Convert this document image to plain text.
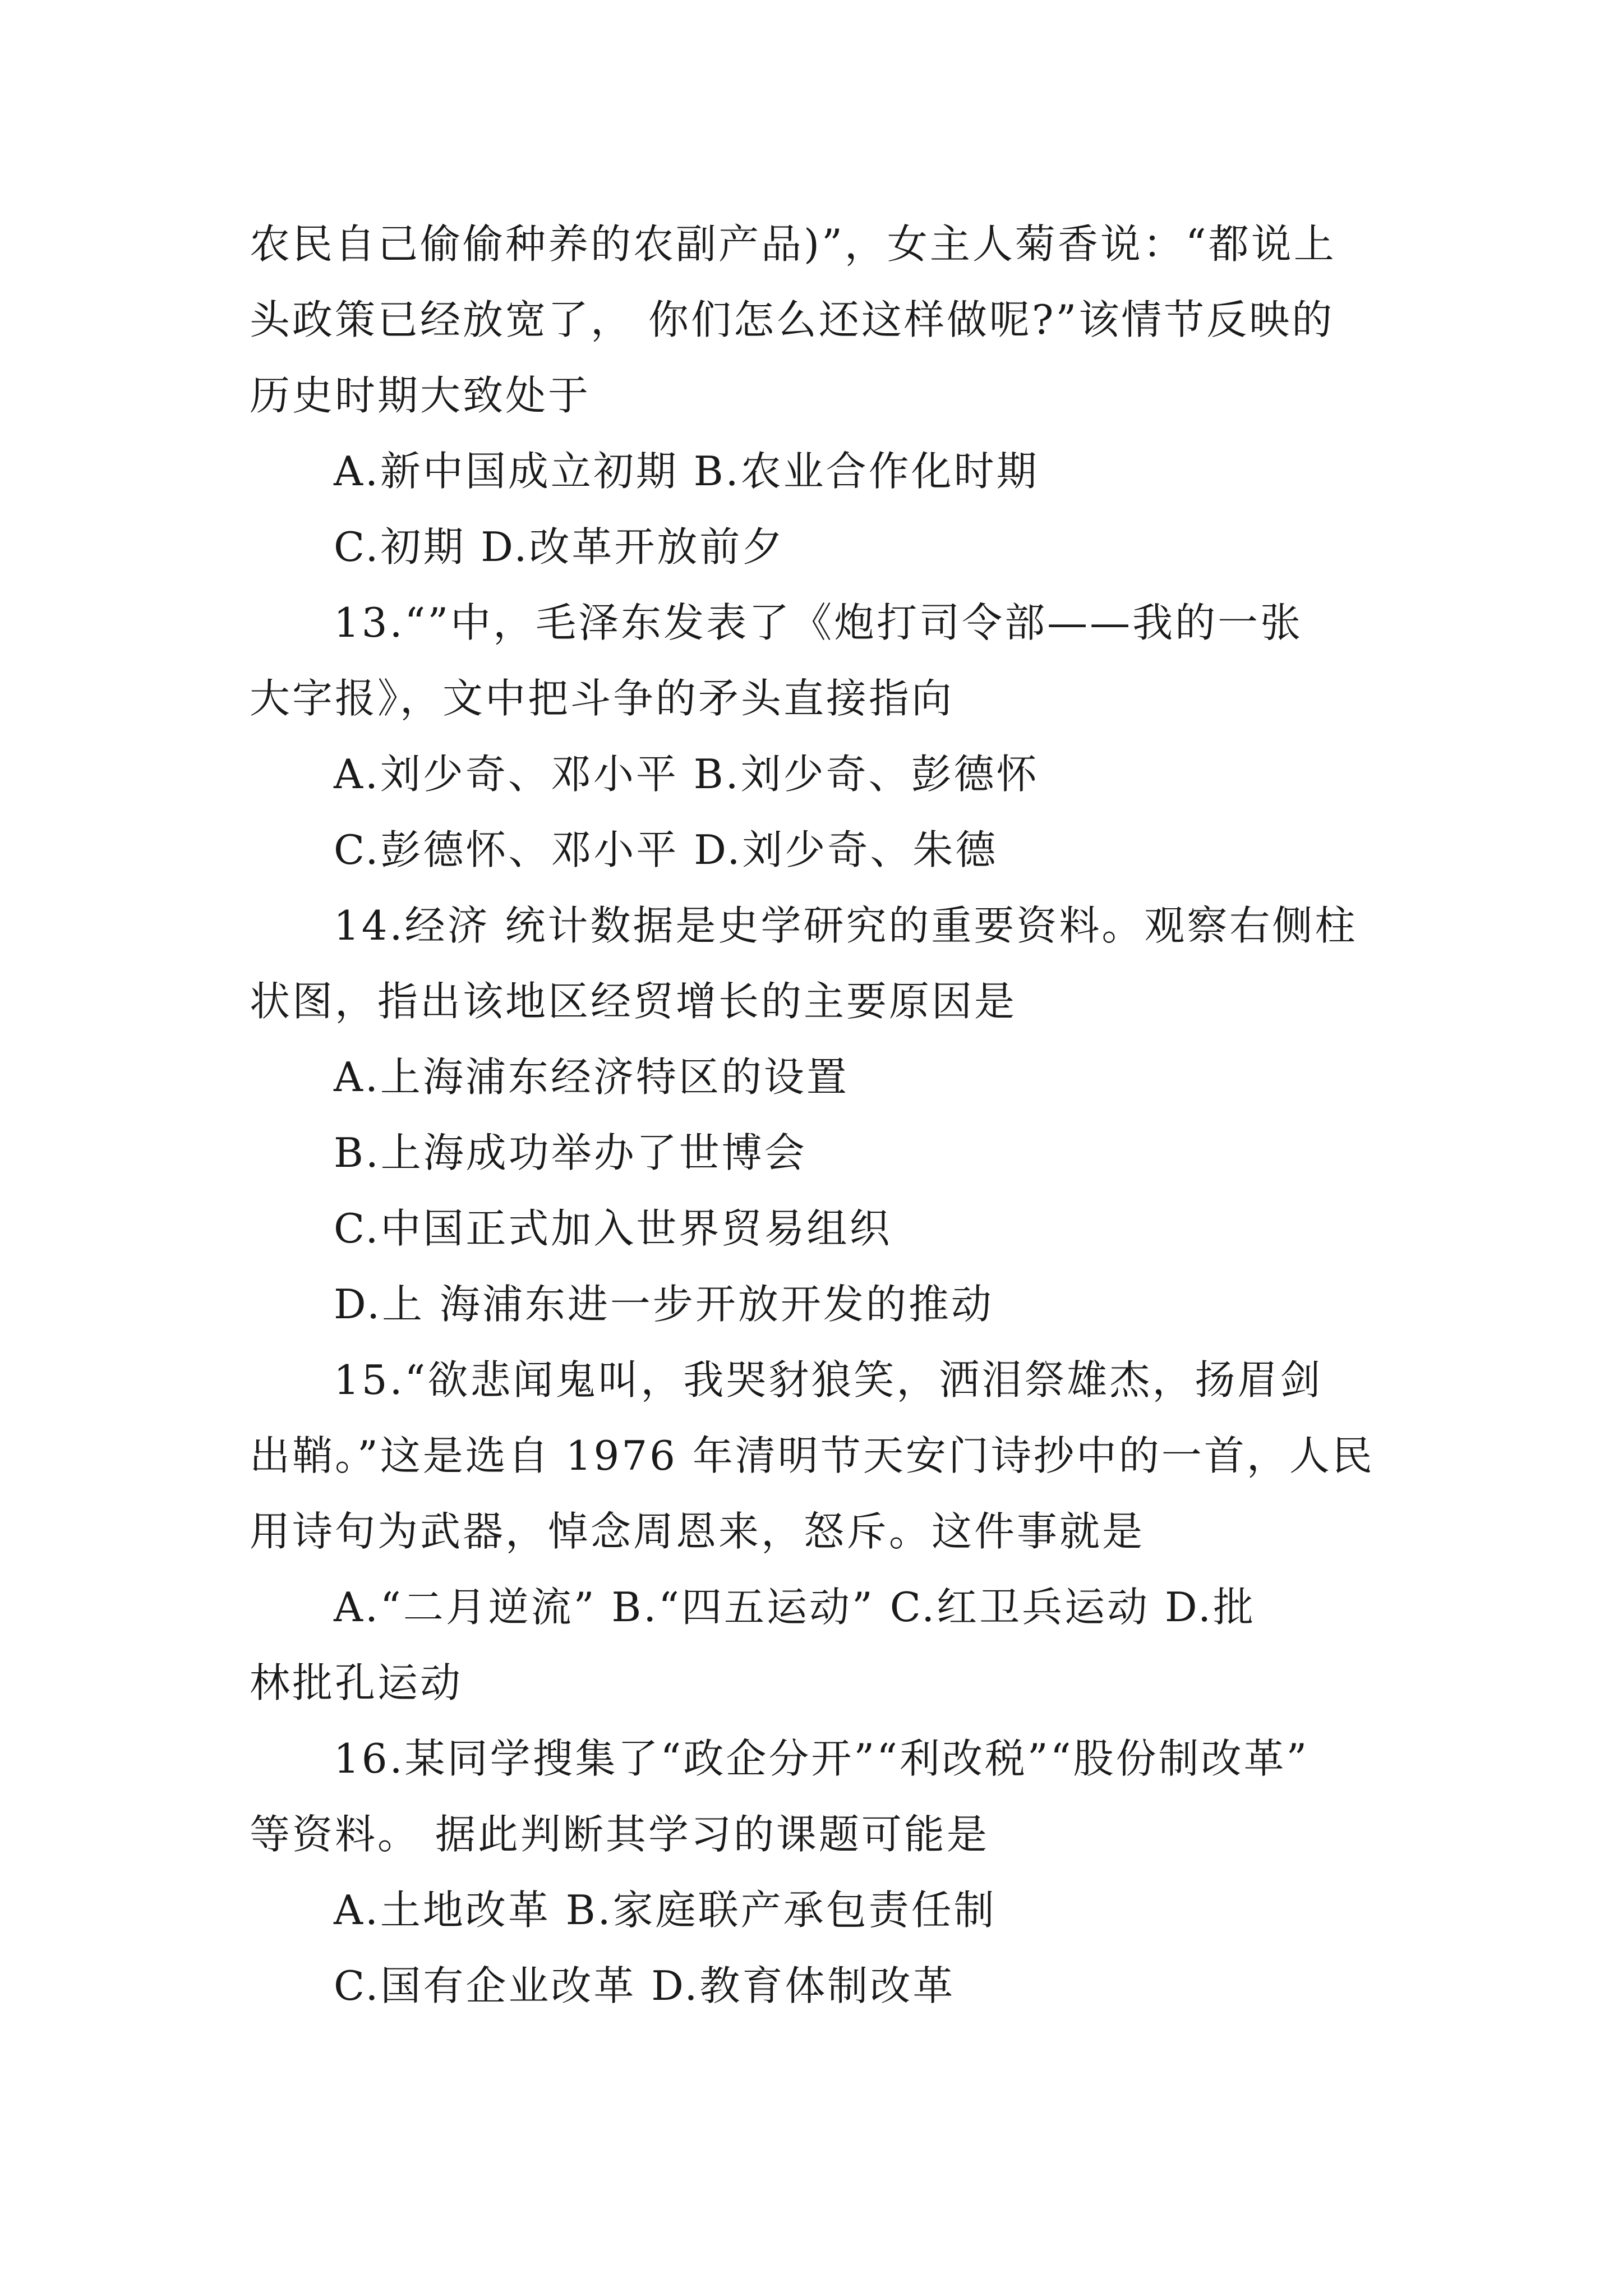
农民自己偷偷种养的农副产品)”，女主人菊香说：“都说上
头政策已经放宽了， 你们怎么还这样做呢?”该情节反映的
历史时期大致处于
A.新中国成立初期 B.农业合作化时期
C.初期 D.改革开放前夕
13.“”中，毛泽东发表了《炮打司令部——我的一张
大字报》，文中把斗争的矛头直接指向
A.刘少奇、邓小平 B.刘少奇、彭德怀
C.彭德怀、邓小平 D.刘少奇、朱德
14.经济 统计数据是史学研究的重要资料。观察右侧柱
状图，指出该地区经贸增长的主要原因是
A.上海浦东经济特区的设置
B.上海成功举办了世博会
C.中国正式加入世界贸易组织
D.上 海浦东进一步开放开发的推动
15.“欲悲闻鬼叫，我哭豺狼笑，洒泪祭雄杰，扬眉剑
出鞘。”这是选自 1976 年清明节天安门诗抄中的一首，人民
用诗句为武器，悼念周恩来，怒斥。这件事就是
A.“二月逆流” B.“四五运动” C.红卫兵运动 D.批
林批孔运动
16.某同学搜集了“政企分开”“利改税”“股份制改革”
等资料。 据此判断其学习的课题可能是
A.土地改革 B.家庭联产承包责任制
C.国有企业改革 D.教育体制改革
